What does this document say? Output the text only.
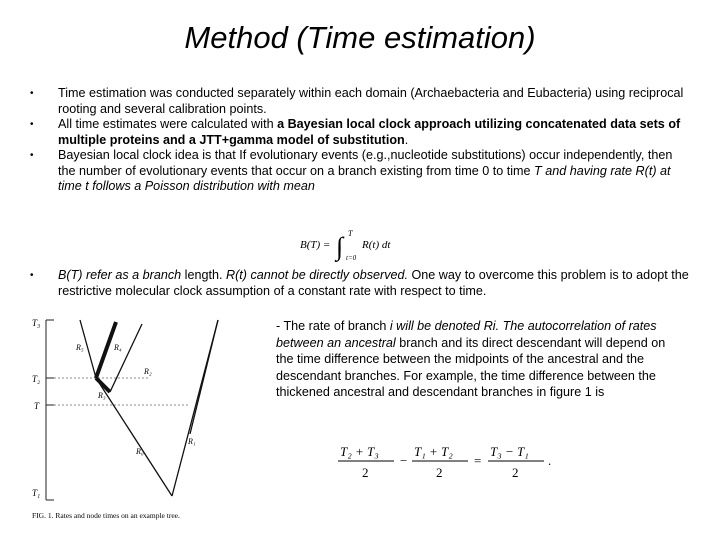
Method (Time estimation)

• Time estimation was conducted separately within each domain (Archaebacteria and Eubacteria) using reciprocal rooting and several calibration points.

• All time estimates were calculated with a Bayesian local clock approach utilizing concatenated data sets of multiple proteins and a JTT+gamma model of substitution.

• Bayesian local clock idea is that If evolutionary events (e.g.,nucleotide substitutions) occur independently, then the number of evolutionary events that occur on a branch existing from time 0 to time T and having rate R(t) at time t follows a Poisson distribution with mean

B(T) = ∫ T
t=0
R(t) dt

• B(T) refer as a branch length. R(t) cannot be directly observed. One way to overcome this problem is to adopt the restrictive molecular clock assumption of a constant rate with respect to time.

T₃
T₂
T
T₁
R₅	R₄
R₂
R₃
R₁
R₀
FIG. 1. Rates and node times on an example tree.
- The rate of branch i will be denoted Ri. The autocorrelation of rates between an ancestral branch and its direct descendant will depend on the time difference between the midpoints of the ancestral and the descendant branches. For example, the time difference between the thickened ancestral and descendant branches in figure 1 is
T₂ + T₃
2
−
T₁ + T₂
2
=
T₃ − T₁
2
.
